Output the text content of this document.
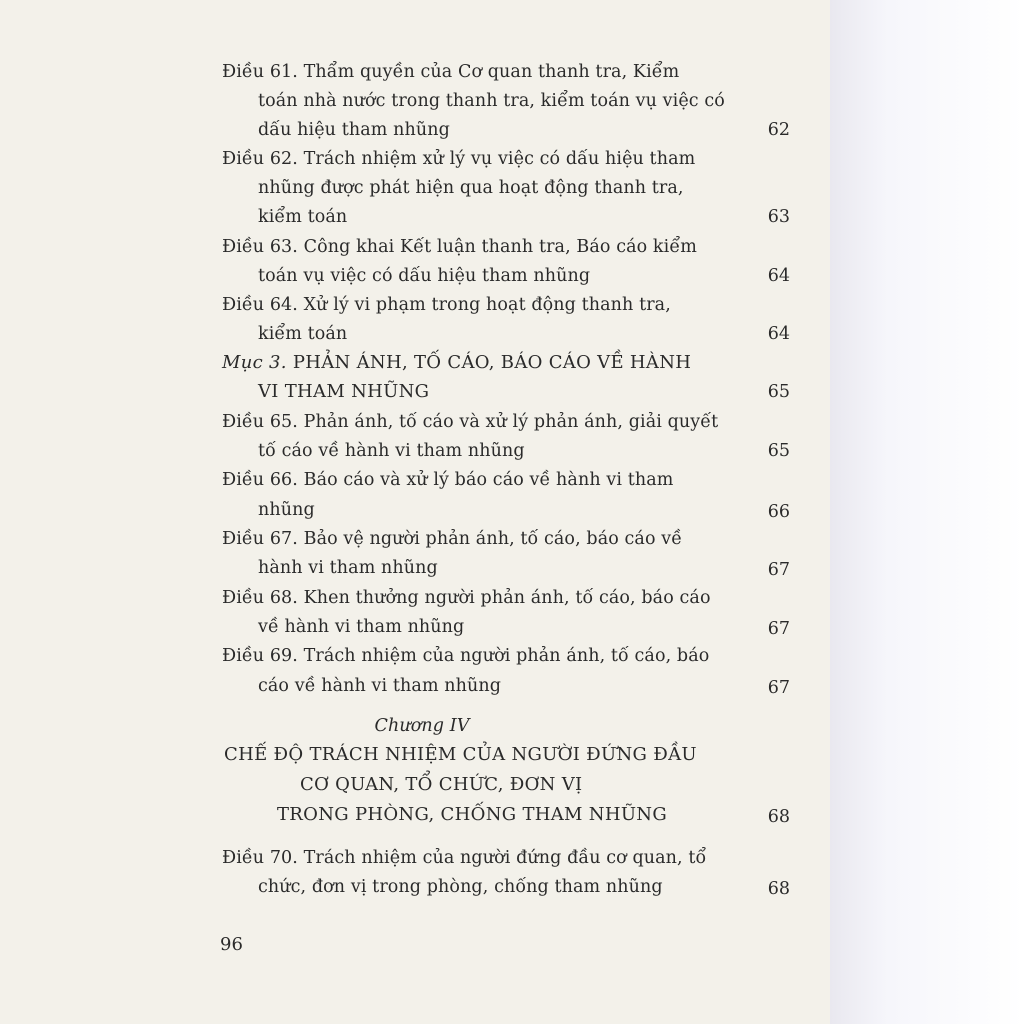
Điều 61. Thẩm quyền của Cơ quan thanh tra, Kiểm
toán nhà nước trong thanh tra, kiểm toán vụ việc có
dấu hiệu tham nhũng	62
Điều 62. Trách nhiệm xử lý vụ việc có dấu hiệu tham
nhũng được phát hiện qua hoạt động thanh tra,
kiểm toán	63
Điều 63. Công khai Kết luận thanh tra, Báo cáo kiểm
toán vụ việc có dấu hiệu tham nhũng	64
Điều 64. Xử lý vi phạm trong hoạt động thanh tra,
kiểm toán	64
Mục 3. PHẢN ÁNH, TỐ CÁO, BÁO CÁO VỀ HÀNH
VI THAM NHŨNG	65
Điều 65. Phản ánh, tố cáo và xử lý phản ánh, giải quyết
tố cáo về hành vi tham nhũng	65
Điều 66. Báo cáo và xử lý báo cáo về hành vi tham
nhũng	66
Điều 67. Bảo vệ người phản ánh, tố cáo, báo cáo về
hành vi tham nhũng	67
Điều 68. Khen thưởng người phản ánh, tố cáo, báo cáo
về hành vi tham nhũng	67
Điều 69. Trách nhiệm của người phản ánh, tố cáo, báo
cáo về hành vi tham nhũng	67
Chương IV
CHẾ ĐỘ TRÁCH NHIỆM CỦA NGƯỜI ĐỨNG ĐẦU
CƠ QUAN, TỔ CHỨC, ĐƠN VỊ
TRONG PHÒNG, CHỐNG THAM NHŨNG	68
Điều 70. Trách nhiệm của người đứng đầu cơ quan, tổ
chức, đơn vị trong phòng, chống tham nhũng	68
96
